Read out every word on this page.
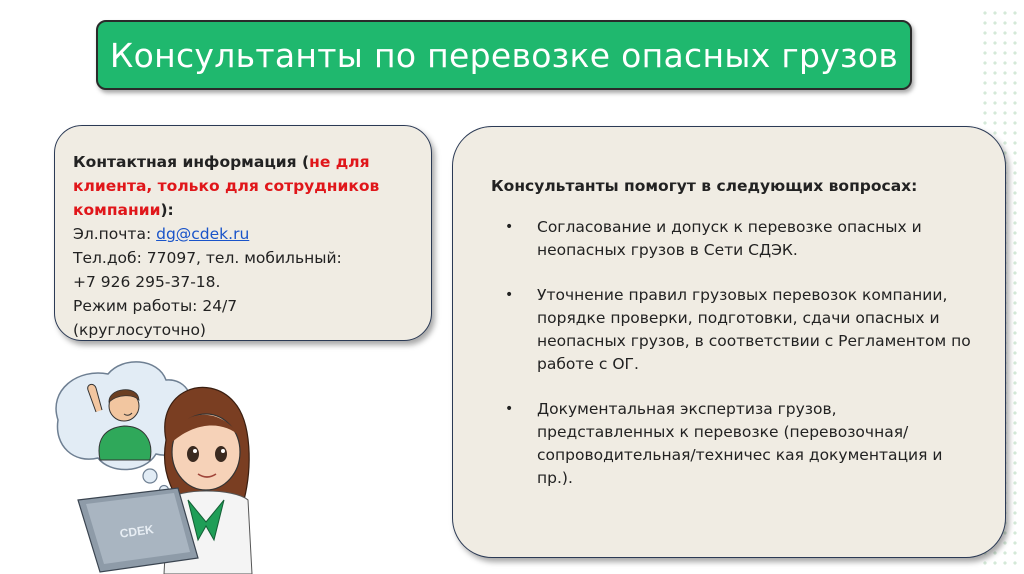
Консультанты по перевозке опасных грузов
Контактная информация (не для клиента, только для сотрудников компании):
Эл.почта: dg@cdek.ru
Тел.доб: 77097, тел. мобильный:
+7 926 295-37-18.
Режим работы: 24/7
(круглосуточно)
Консультанты помогут в следующих вопросах:
• Согласование и допуск к перевозке опасных и неопасных грузов в Сети СДЭК.
• Уточнение правил грузовых перевозок компании, порядке проверки, подготовки, сдачи опасных и неопасных грузов, в соответствии с Регламентом по работе с ОГ.
• Документальная экспертиза грузов, представленных к перевозке (перевозочная/сопроводительная/техничес кая документация и пр.).
CDEK
